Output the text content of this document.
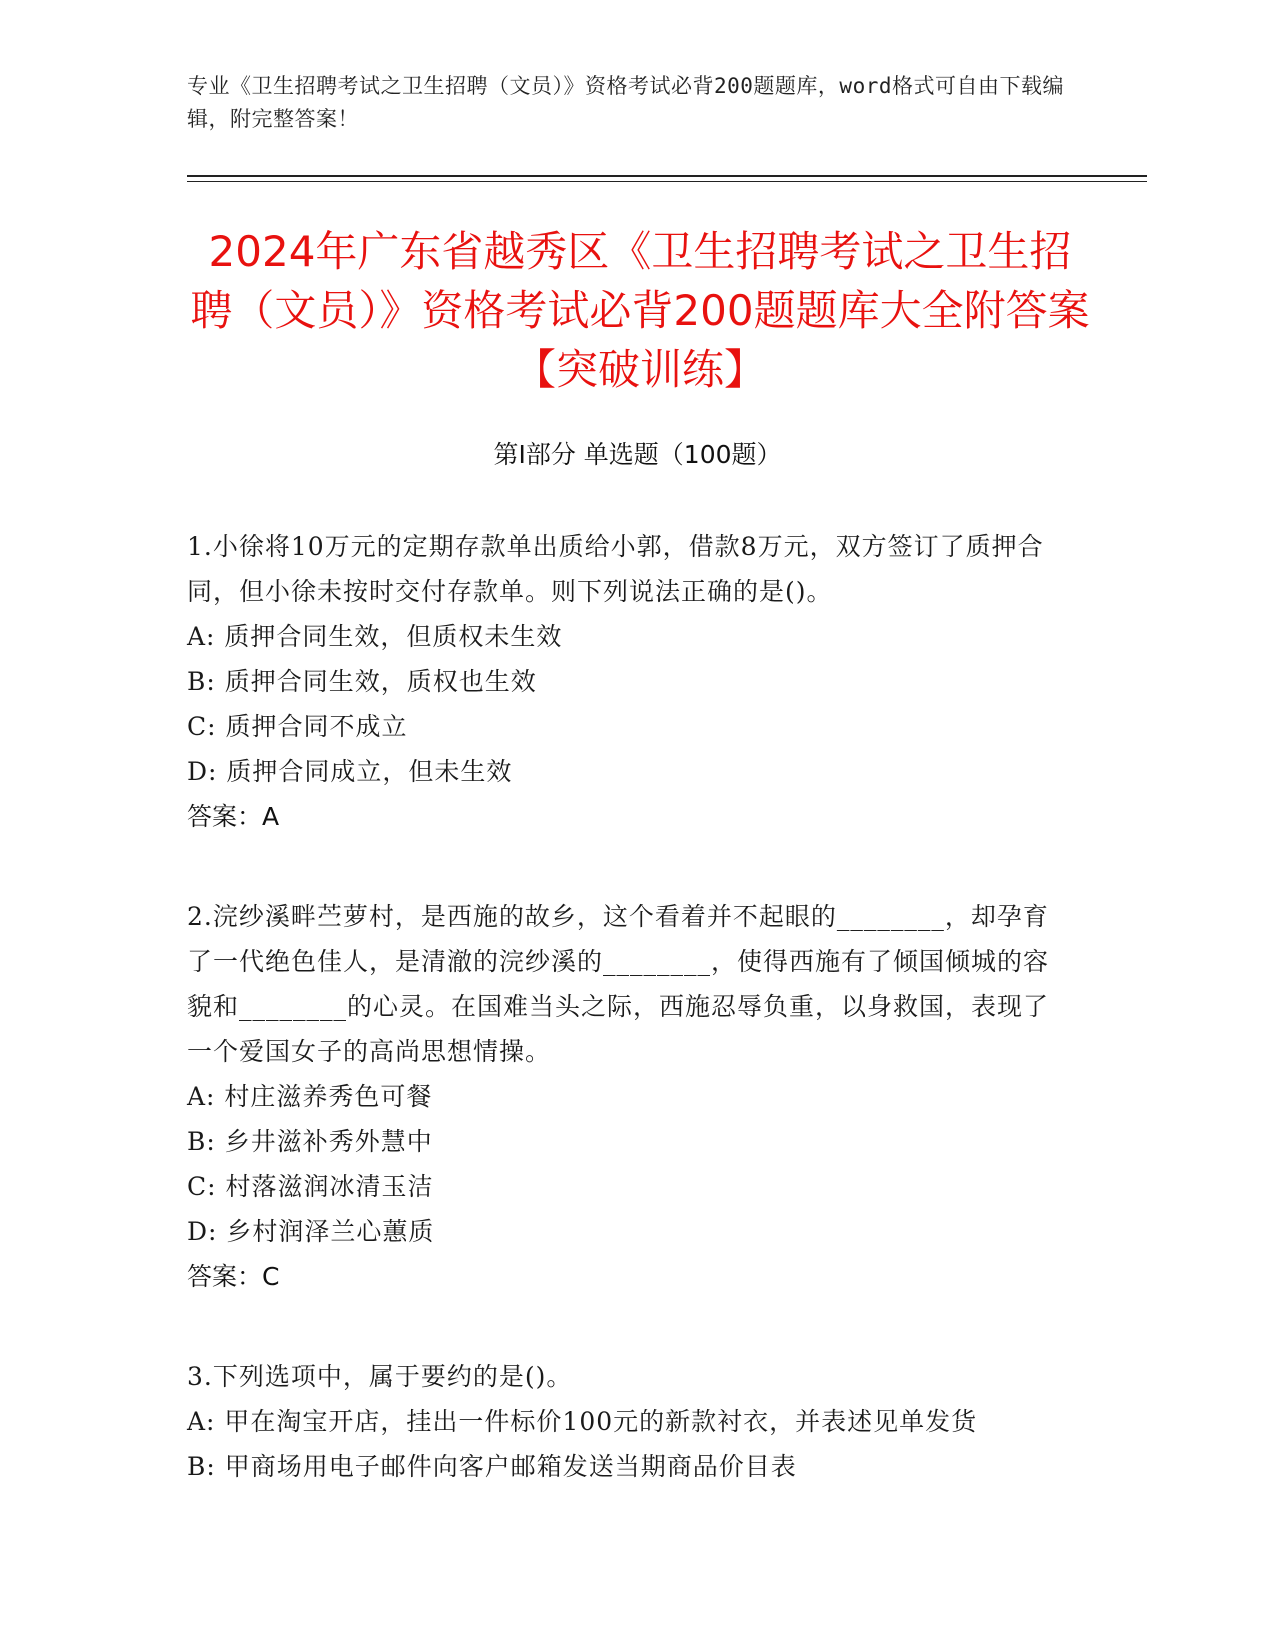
专业《卫生招聘考试之卫生招聘（文员）》资格考试必背200题题库，word格式可自由下载编辑，附完整答案！
2024年广东省越秀区《卫生招聘考试之卫生招聘（文员）》资格考试必背200题题库大全附答案【突破训练】
第Ⅰ部分 单选题（100题）
1.小徐将10万元的定期存款单出质给小郭，借款8万元，双方签订了质押合同，但小徐未按时交付存款单。则下列说法正确的是()。
A: 质押合同生效，但质权未生效
B: 质押合同生效，质权也生效
C: 质押合同不成立
D: 质押合同成立，但未生效
答案：A
2.浣纱溪畔苎萝村，是西施的故乡，这个看着并不起眼的________，却孕育了一代绝色佳人，是清澈的浣纱溪的________，使得西施有了倾国倾城的容貌和________的心灵。在国难当头之际，西施忍辱负重，以身救国，表现了一个爱国女子的高尚思想情操。
A: 村庄滋养秀色可餐
B: 乡井滋补秀外慧中
C: 村落滋润冰清玉洁
D: 乡村润泽兰心蕙质
答案：C
3.下列选项中，属于要约的是()。
A: 甲在淘宝开店，挂出一件标价100元的新款衬衣，并表述见单发货
B: 甲商场用电子邮件向客户邮箱发送当期商品价目表
